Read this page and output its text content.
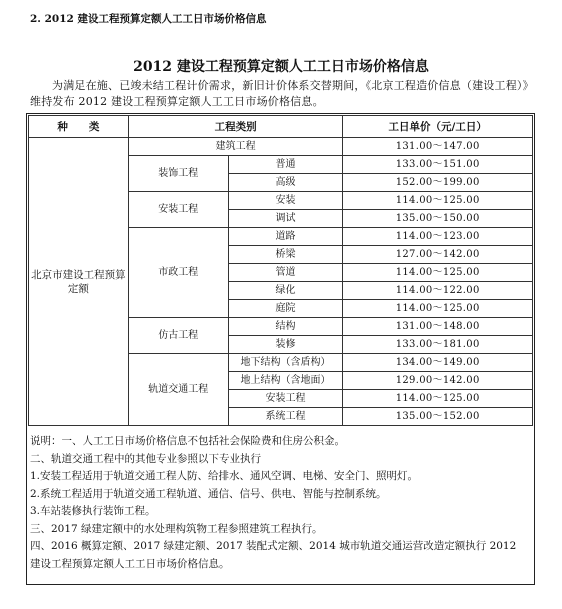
2. 2012 建设工程预算定额人工工日市场价格信息
2012 建设工程预算定额人工工日市场价格信息
为满足在施、已竣未结工程计价需求，新旧计价体系交替期间，《北京工程造价信息（建设工程）》维持发布 2012 建设工程预算定额人工工日市场价格信息。
种　　类	工程类别		工日单价（元/工日）
北京市建设工程预算定额	建筑工程		131.00～147.00
	装饰工程	普通	133.00～151.00
		高级	152.00～199.00
	安装工程	安装	114.00～125.00
		调试	135.00～150.00
	市政工程	道路	114.00～123.00
		桥梁	127.00～142.00
		管道	114.00～125.00
		绿化	114.00～122.00
		庭院	114.00～125.00
	仿古工程	结构	131.00～148.00
		装修	133.00～181.00
	轨道交通工程	地下结构（含盾构）	134.00～149.00
		地上结构（含地面）	129.00～142.00
		安装工程	114.00～125.00
		系统工程	135.00～152.00
说明：一、人工工日市场价格信息不包括社会保险费和住房公积金。
二、轨道交通工程中的其他专业参照以下专业执行
1.安装工程适用于轨道交通工程人防、给排水、通风空调、电梯、安全门、照明灯。
2.系统工程适用于轨道交通工程轨道、通信、信号、供电、智能与控制系统。
3.车站装修执行装饰工程。
三、2017 绿建定额中的水处理构筑物工程参照建筑工程执行。
四、2016 概算定额、2017 绿建定额、2017 装配式定额、2014 城市轨道交通运营改造定额执行 2012
建设工程预算定额人工工日市场价格信息。
